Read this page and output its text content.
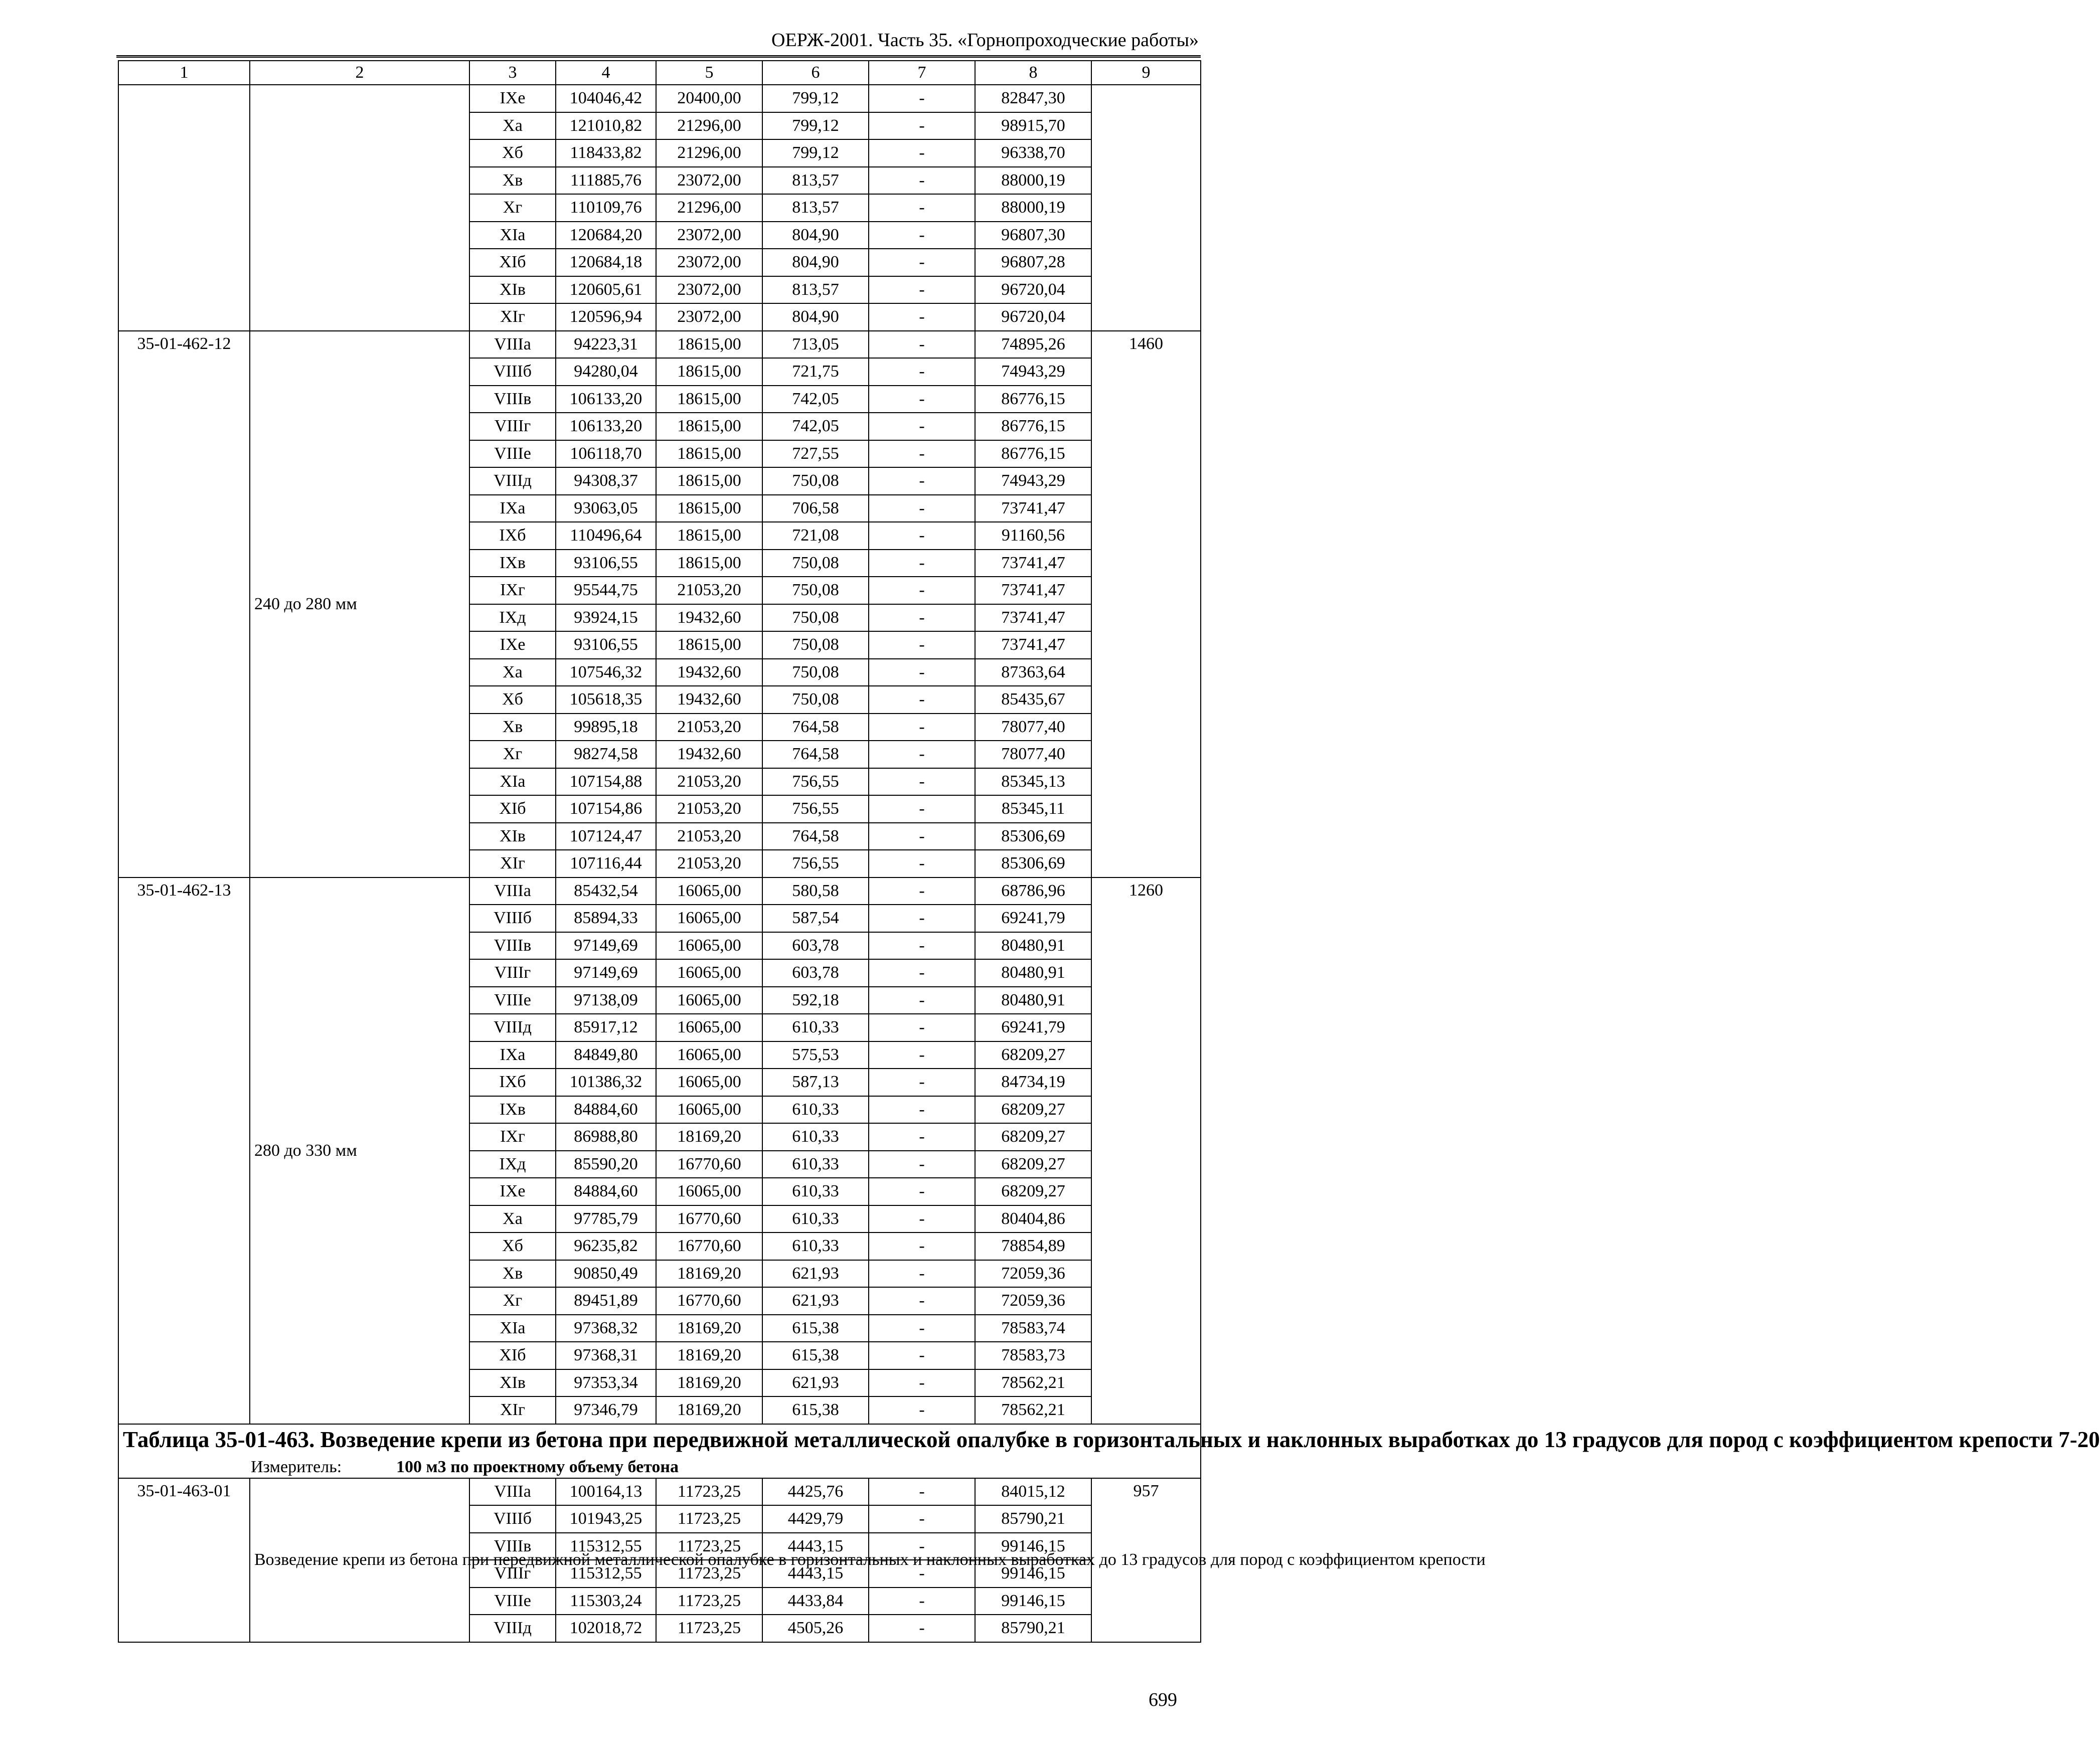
ОЕРЖ-2001. Часть 35. «Горнопроходческие работы»
1	2	3	4	5	6	7	8	9
		IXe	104046,42	20400,00	799,12	-	82847,30	
		Xa	121010,82	21296,00	799,12	-	98915,70	
		Xб	118433,82	21296,00	799,12	-	96338,70	
		Xв	111885,76	23072,00	813,57	-	88000,19	
		Xг	110109,76	21296,00	813,57	-	88000,19	
		XIa	120684,20	23072,00	804,90	-	96807,30	
		XIб	120684,18	23072,00	804,90	-	96807,28	
		XIв	120605,61	23072,00	813,57	-	96720,04	
		XIг	120596,94	23072,00	804,90	-	96720,04	
35-01-462-12	240 до 280 мм	VIIIa	94223,31	18615,00	713,05	-	74895,26	1460
		VIIIб	94280,04	18615,00	721,75	-	74943,29	
		VIIIв	106133,20	18615,00	742,05	-	86776,15	
		VIIIг	106133,20	18615,00	742,05	-	86776,15	
		VIIIe	106118,70	18615,00	727,55	-	86776,15	
		VIIIд	94308,37	18615,00	750,08	-	74943,29	
		IXa	93063,05	18615,00	706,58	-	73741,47	
		IXб	110496,64	18615,00	721,08	-	91160,56	
		IXв	93106,55	18615,00	750,08	-	73741,47	
		IXг	95544,75	21053,20	750,08	-	73741,47	
		IXд	93924,15	19432,60	750,08	-	73741,47	
		IXe	93106,55	18615,00	750,08	-	73741,47	
		Xa	107546,32	19432,60	750,08	-	87363,64	
		Xб	105618,35	19432,60	750,08	-	85435,67	
		Xв	99895,18	21053,20	764,58	-	78077,40	
		Xг	98274,58	19432,60	764,58	-	78077,40	
		XIa	107154,88	21053,20	756,55	-	85345,13	
		XIб	107154,86	21053,20	756,55	-	85345,11	
		XIв	107124,47	21053,20	764,58	-	85306,69	
		XIг	107116,44	21053,20	756,55	-	85306,69	
35-01-462-13	280 до 330 мм	VIIIa	85432,54	16065,00	580,58	-	68786,96	1260
		VIIIб	85894,33	16065,00	587,54	-	69241,79	
		VIIIв	97149,69	16065,00	603,78	-	80480,91	
		VIIIг	97149,69	16065,00	603,78	-	80480,91	
		VIIIe	97138,09	16065,00	592,18	-	80480,91	
		VIIIд	85917,12	16065,00	610,33	-	69241,79	
		IXa	84849,80	16065,00	575,53	-	68209,27	
		IXб	101386,32	16065,00	587,13	-	84734,19	
		IXв	84884,60	16065,00	610,33	-	68209,27	
		IXг	86988,80	18169,20	610,33	-	68209,27	
		IXд	85590,20	16770,60	610,33	-	68209,27	
		IXe	84884,60	16065,00	610,33	-	68209,27	
		Xa	97785,79	16770,60	610,33	-	80404,86	
		Xб	96235,82	16770,60	610,33	-	78854,89	
		Xв	90850,49	18169,20	621,93	-	72059,36	
		Xг	89451,89	16770,60	621,93	-	72059,36	
		XIa	97368,32	18169,20	615,38	-	78583,74	
		XIб	97368,31	18169,20	615,38	-	78583,73	
		XIв	97353,34	18169,20	621,93	-	78562,21	
		XIг	97346,79	18169,20	615,38	-	78562,21	

Таблица 35-01-463. Возведение крепи из бетона при передвижной металлической опалубке в горизонтальных и наклонных выработках до 13 градусов для пород с коэффициентом крепости 7-20
Измеритель: 100 м3 по проектному объему бетона								

35-01-463-01	Возведение крепи из бетона при передвижной металлической опалубке в горизонтальных и наклонных выработках до 13 градусов для пород с коэффициентом крепости	VIIIa	100164,13	11723,25	4425,76	-	84015,12	957
		VIIIб	101943,25	11723,25	4429,79	-	85790,21	
		VIIIв	115312,55	11723,25	4443,15	-	99146,15	
		VIIIг	115312,55	11723,25	4443,15	-	99146,15	
		VIIIe	115303,24	11723,25	4433,84	-	99146,15	
		VIIIд	102018,72	11723,25	4505,26	-	85790,21	
699
